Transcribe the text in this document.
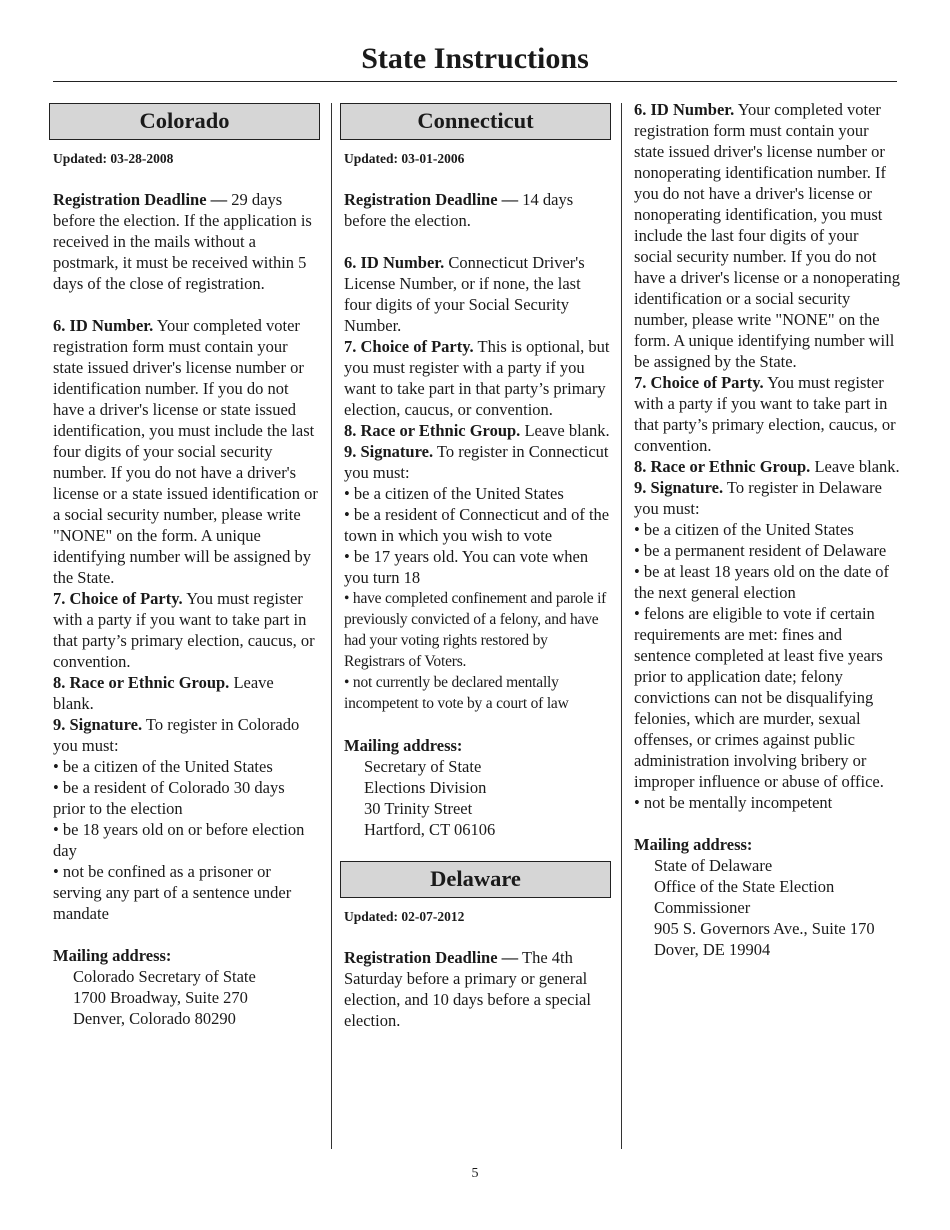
State Instructions
Colorado
Updated: 03-28-2008

Registration Deadline — 29 days before the election. If the application is received in the mails without a postmark, it must be received within 5 days of the close of registration.

6. ID Number. Your completed voter registration form must contain your state issued driver's license number or identification number. If you do not have a driver's license or state issued identification, you must include the last four digits of your social security number. If you do not have a driver's license or a state issued identification or a social security number, please write "NONE" on the form. A unique identifying number will be assigned by the State.

7. Choice of Party. You must register with a party if you want to take part in that party’s primary election, caucus, or convention.

8. Race or Ethnic Group. Leave blank.

9. Signature. To register in Colorado you must:

• be a citizen of the United States

• be a resident of Colorado 30 days prior to the election

• be 18 years old on or before election day

• not be confined as a prisoner or serving any part of a sentence under mandate

Mailing address:

Colorado Secretary of State
1700 Broadway, Suite 270
Denver, Colorado 80290
Connecticut
Updated: 03-01-2006

Registration Deadline — 14 days before the election.

6. ID Number. Connecticut Driver's License Number, or if none, the last four digits of your Social Security Number.

7. Choice of Party. This is optional, but you must register with a party if you want to take part in that party’s primary election, caucus, or convention.

8. Race or Ethnic Group. Leave blank.

9. Signature. To register in Connecticut you must:

• be a citizen of the United States

• be a resident of Connecticut and of the town in which you wish to vote

• be 17 years old. You can vote when you turn 18

• have completed confinement and parole if previously convicted of a felony, and have had your voting rights restored by Registrars of Voters.

• not currently be declared mentally incompetent to vote by a court of law

Mailing address:

Secretary of State
Elections Division
30 Trinity Street
Hartford, CT 06106
Delaware
Updated: 02-07-2012

Registration Deadline — The 4th Saturday before a primary or general election, and 10 days before a special election.

6. ID Number. Your completed voter registration form must contain your state issued driver's license number or nonoperating identification number. If you do not have a driver's license or nonoperating identification, you must include the last four digits of your social security number. If you do not have a driver's license or a nonoperating identification or a social security number, please write "NONE" on the form. A unique identifying number will be assigned by the State.

7. Choice of Party. You must register with a party if you want to take part in that party’s primary election, caucus, or convention.

8. Race or Ethnic Group. Leave blank.

9. Signature. To register in Delaware you must:

• be a citizen of the United States

• be a permanent resident of Delaware

• be at least 18 years old on the date of the next general election

• felons are eligible to vote if certain requirements are met: fines and sentence completed at least five years prior to application date; felony convictions can not be disqualifying felonies, which are murder, sexual offenses, or crimes against public administration involving bribery or improper influence or abuse of office.

• not be mentally incompetent

Mailing address:

State of Delaware
Office of the State Election Commissioner
905 S. Governors Ave., Suite 170
Dover, DE 19904
5
